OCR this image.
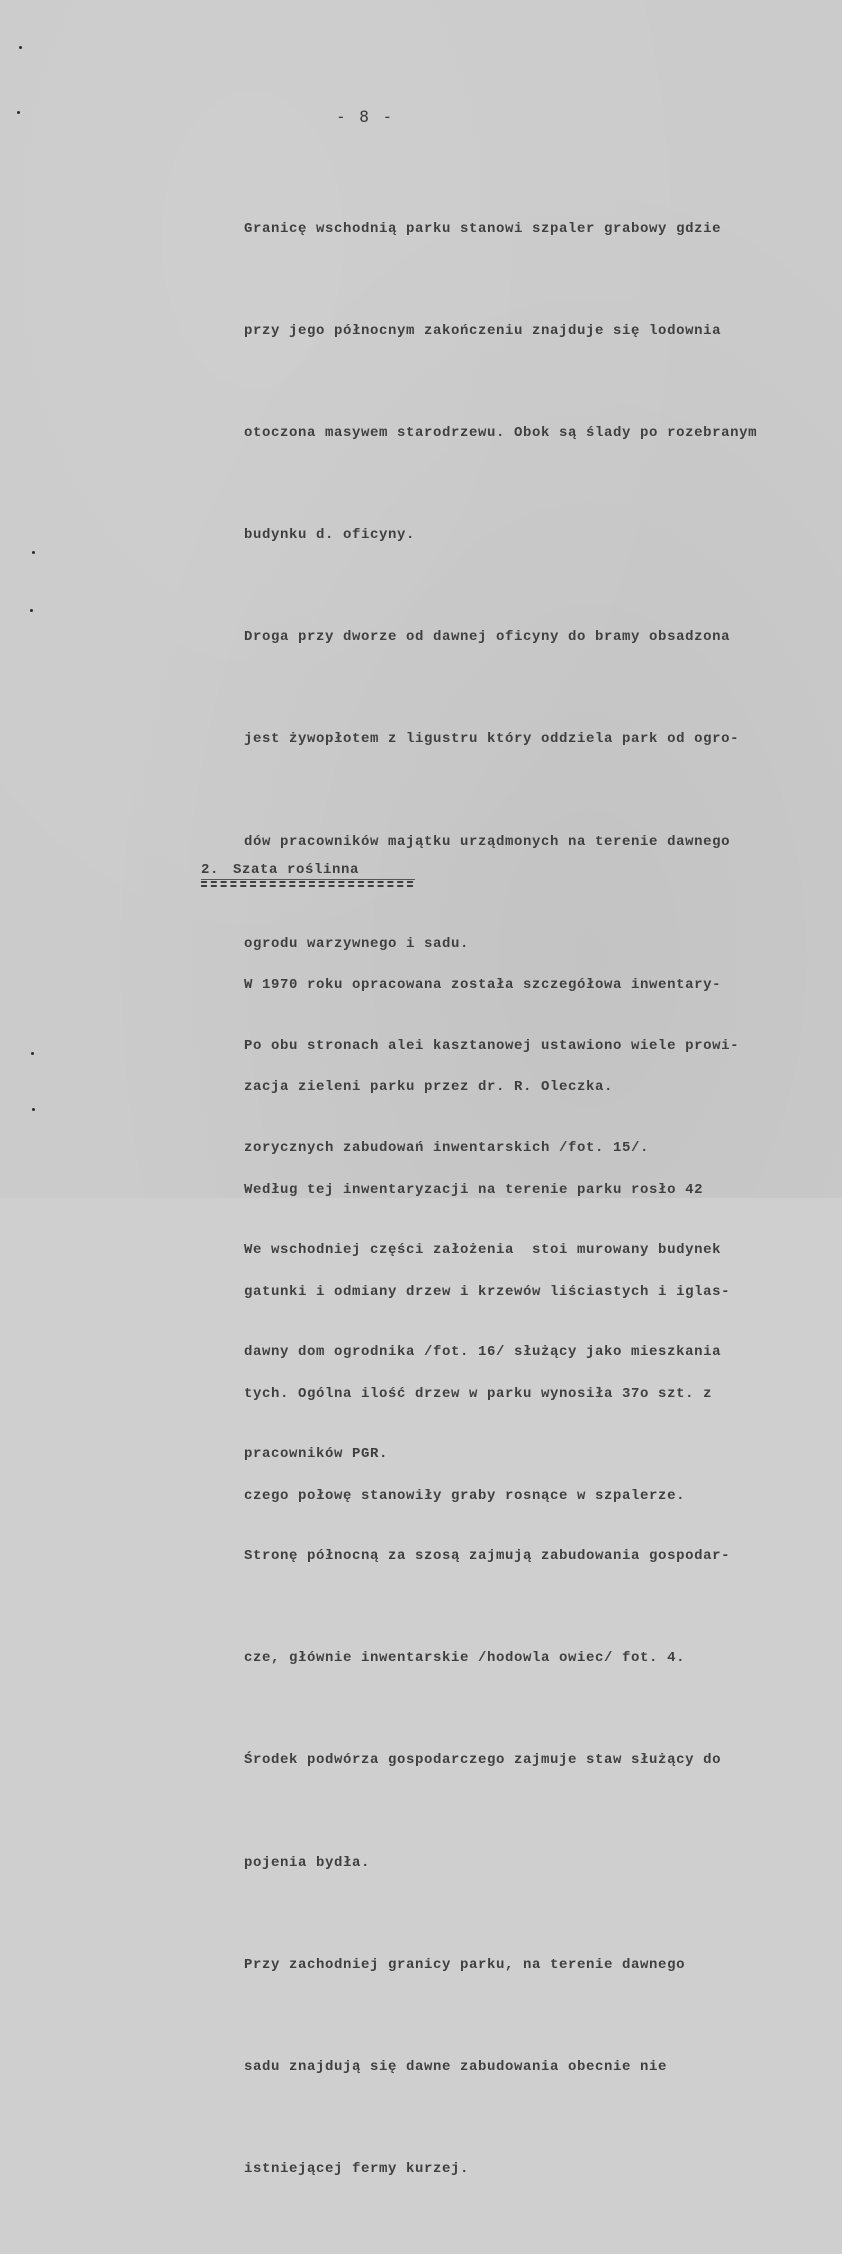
- 8 -

Granicę wschodnią parku stanowi szpaler grabowy gdzie

przy jego północnym zakończeniu znajduje się lodownia

otoczona masywem starodrzewu. Obok są ślady po rozebranym

budynku d. oficyny.

Droga przy dworze od dawnej oficyny do bramy obsadzona

jest żywopłotem z ligustru który oddziela park od ogro-

dów pracowników majątku urządmonych na terenie dawnego

ogrodu warzywnego i sadu.

Po obu stronach alei kasztanowej ustawiono wiele prowi-

zorycznych zabudowań inwentarskich /fot. 15/.

We wschodniej części założenia  stoi murowany budynek

dawny dom ogrodnika /fot. 16/ służący jako mieszkania

pracowników PGR.

Stronę północną za szosą zajmują zabudowania gospodar-

cze, głównie inwentarskie /hodowla owiec/ fot. 4.

Środek podwórza gospodarczego zajmuje staw służący do

pojenia bydła.

Przy zachodniej granicy parku, na terenie dawnego

sadu znajdują się dawne zabudowania obecnie nie

istniejącej fermy kurzej.

2. Szata roślinna

W 1970 roku opracowana została szczegółowa inwentary-

zacja zieleni parku przez dr. R. Oleczka.

Według tej inwentaryzacji na terenie parku rosło 42

gatunki i odmiany drzew i krzewów liściastych i iglas-

tych. Ogólna ilość drzew w parku wynosiła 37o szt. z

czego połowę stanowiły graby rosnące w szpalerze.
